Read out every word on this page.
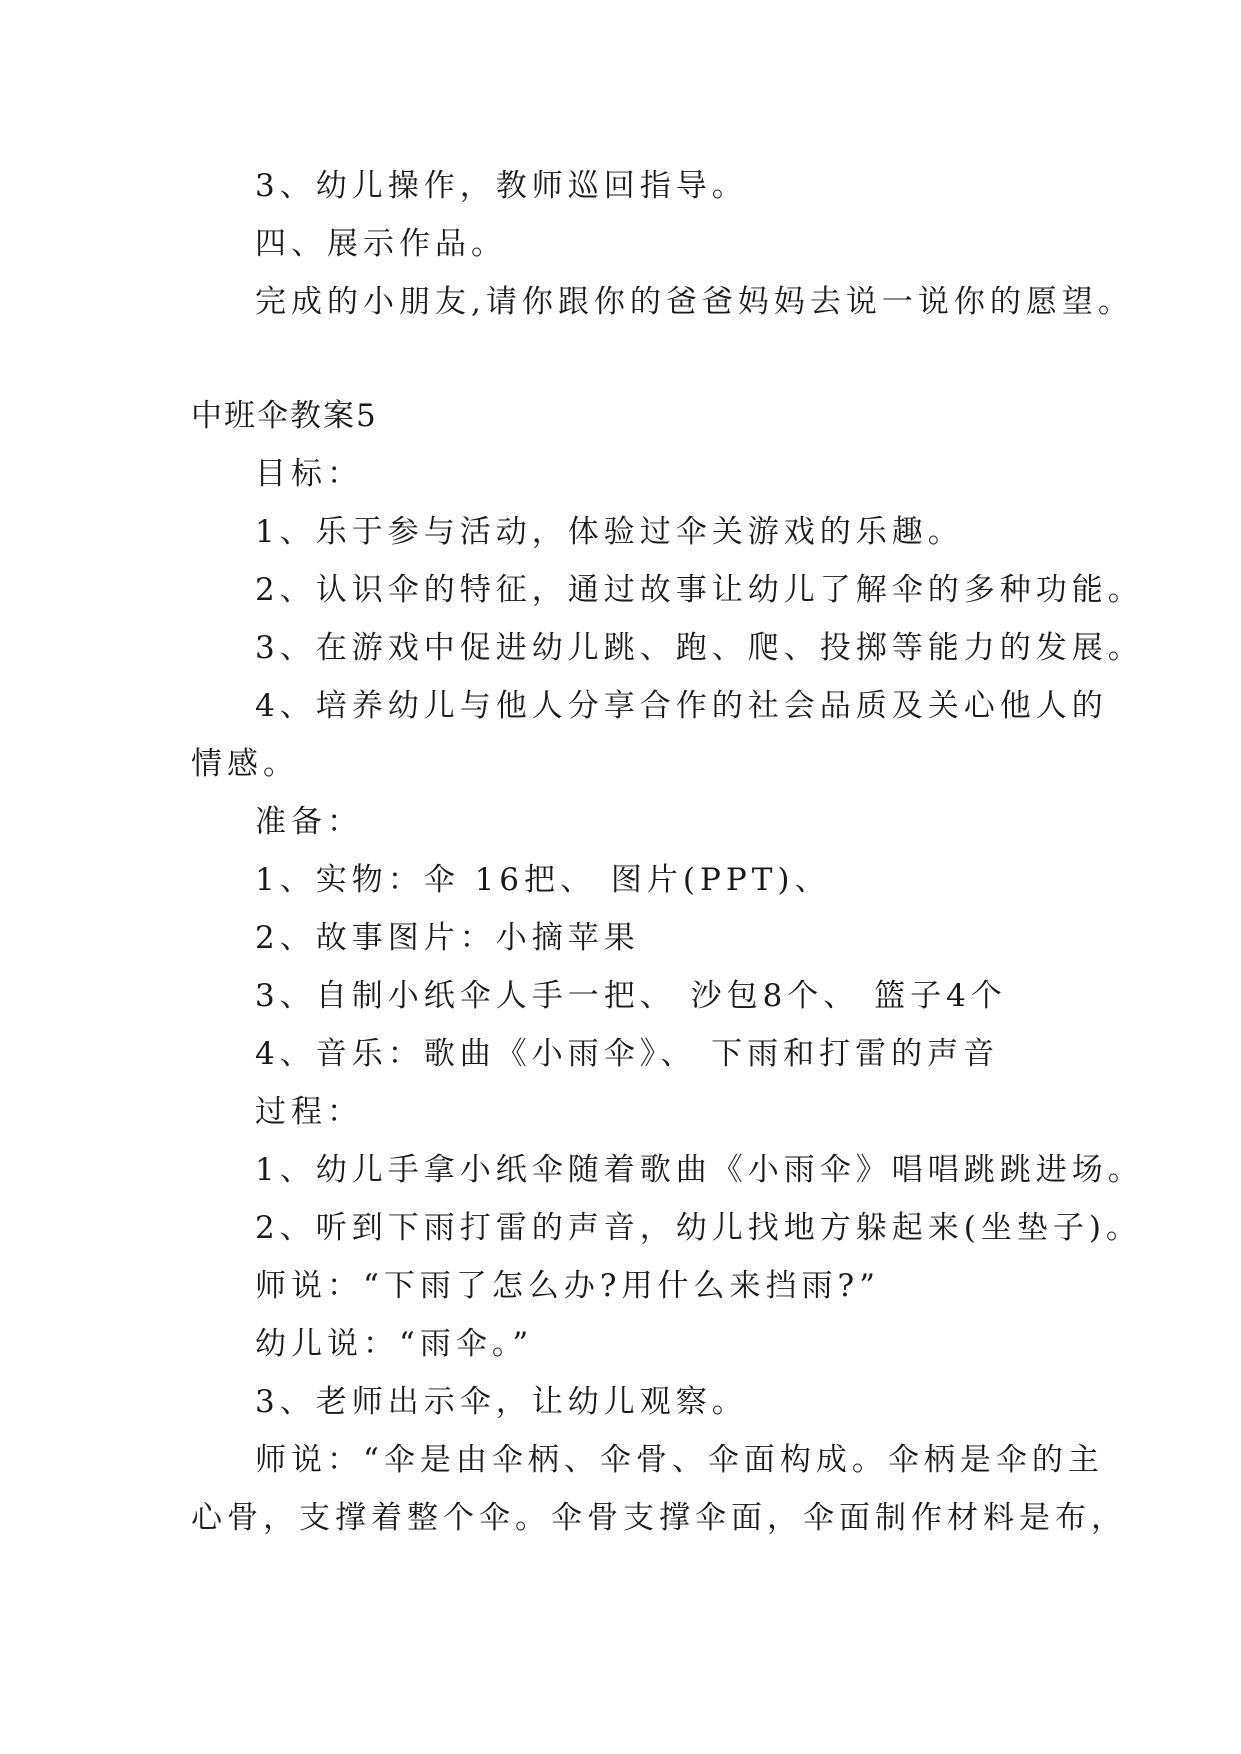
3、幼儿操作，教师巡回指导。
四、展示作品。
完成的小朋友,请你跟你的爸爸妈妈去说一说你的愿望。
中班伞教案5
目标：
1、乐于参与活动，体验过伞关游戏的乐趣。
2、认识伞的特征，通过故事让幼儿了解伞的多种功能。
3、在游戏中促进幼儿跳、跑、爬、投掷等能力的发展。
4、培养幼儿与他人分享合作的社会品质及关心他人的
情感。
准备：
1、实物：伞 16把、 图片(PPT)、
2、故事图片：小摘苹果
3、自制小纸伞人手一把、 沙包8个、 篮子4个
4、音乐：歌曲《小雨伞》、 下雨和打雷的声音
过程：
1、幼儿手拿小纸伞随着歌曲《小雨伞》唱唱跳跳进场。
2、听到下雨打雷的声音，幼儿找地方躲起来(坐垫子)。
师说：“下雨了怎么办?用什么来挡雨?”
幼儿说：“雨伞。”
3、老师出示伞，让幼儿观察。
师说：“伞是由伞柄、伞骨、伞面构成。伞柄是伞的主
心骨，支撑着整个伞。伞骨支撑伞面，伞面制作材料是布，
